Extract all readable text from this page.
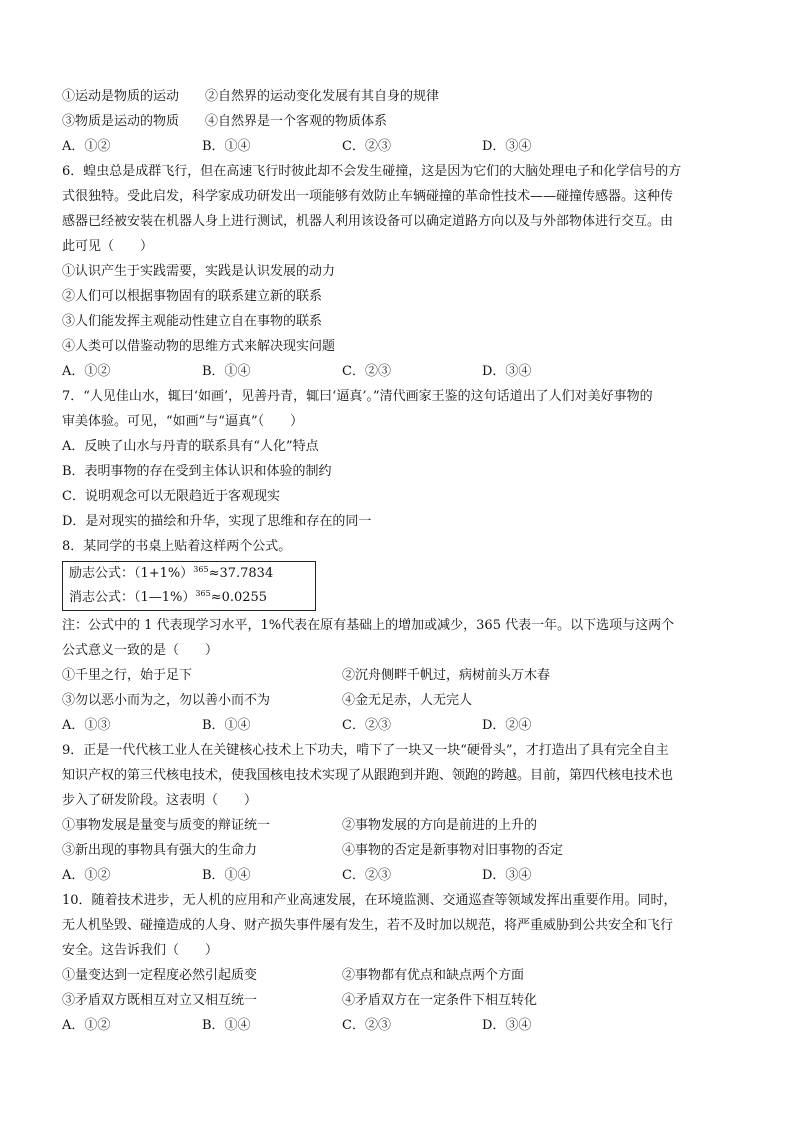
①运动是物质的运动	②自然界的运动变化发展有其自身的规律
③物质是运动的物质	④自然界是一个客观的物质体系
A．①②	B．①④	C．②③	D．③④
6．蝗虫总是成群飞行，但在高速飞行时彼此却不会发生碰撞，这是因为它们的大脑处理电子和化学信号的方
式很独特。受此启发，科学家成功研发出一项能够有效防止车辆碰撞的革命性技术——碰撞传感器。这种传
感器已经被安装在机器人身上进行测试，机器人利用该设备可以确定道路方向以及与外部物体进行交互。由
此可见（　　）
①认识产生于实践需要，实践是认识发展的动力
②人们可以根据事物固有的联系建立新的联系
③人们能发挥主观能动性建立自在事物的联系
④人类可以借鉴动物的思维方式来解决现实问题
A．①②	B．①④	C．②③	D．③④
7．“人见佳山水，辄曰‘如画’，见善丹青，辄曰‘逼真’。”清代画家王鉴的这句话道出了人们对美好事物的
审美体验。可见，“如画”与“逼真”（　　）
A．反映了山水与丹青的联系具有“人化”特点
B．表明事物的存在受到主体认识和体验的制约
C．说明观念可以无限趋近于客观现实
D．是对现实的描绘和升华，实现了思维和存在的同一
8．某同学的书桌上贴着这样两个公式。
励志公式：$(1+1\%)^{365}\approx 37.7834$
消志公式：（1—1%）$^{365}$≈0.0255
注：公式中的 1 代表现学习水平，1%代表在原有基础上的增加或减少，365 代表一年。以下选项与这两个
公式意义一致的是（　　）
①千里之行，始于足下	②沉舟侧畔千帆过，病树前头万木春
③勿以恶小而为之，勿以善小而不为	④金无足赤，人无完人
A．①③	B．①④	C．②③	D．②④
9．正是一代代核工业人在关键核心技术上下功夫，啃下了一块又一块“硬骨头”，才打造出了具有完全自主
知识产权的第三代核电技术，使我国核电技术实现了从跟跑到并跑、领跑的跨越。目前，第四代核电技术也
步入了研发阶段。这表明（　　）
①事物发展是量变与质变的辩证统一	②事物发展的方向是前进的上升的
③新出现的事物具有强大的生命力	④事物的否定是新事物对旧事物的否定
A．①②	B．①④	C．②③	D．③④
10．随着技术进步，无人机的应用和产业高速发展，在环境监测、交通巡查等领域发挥出重要作用。同时，
无人机坠毁、碰撞造成的人身、财产损失事件屡有发生，若不及时加以规范，将严重威胁到公共安全和飞行
安全。这告诉我们（　　）
①量变达到一定程度必然引起质变	②事物都有优点和缺点两个方面
③矛盾双方既相互对立又相互统一	④矛盾双方在一定条件下相互转化
A．①②	B．①④	C．②③	D．③④
